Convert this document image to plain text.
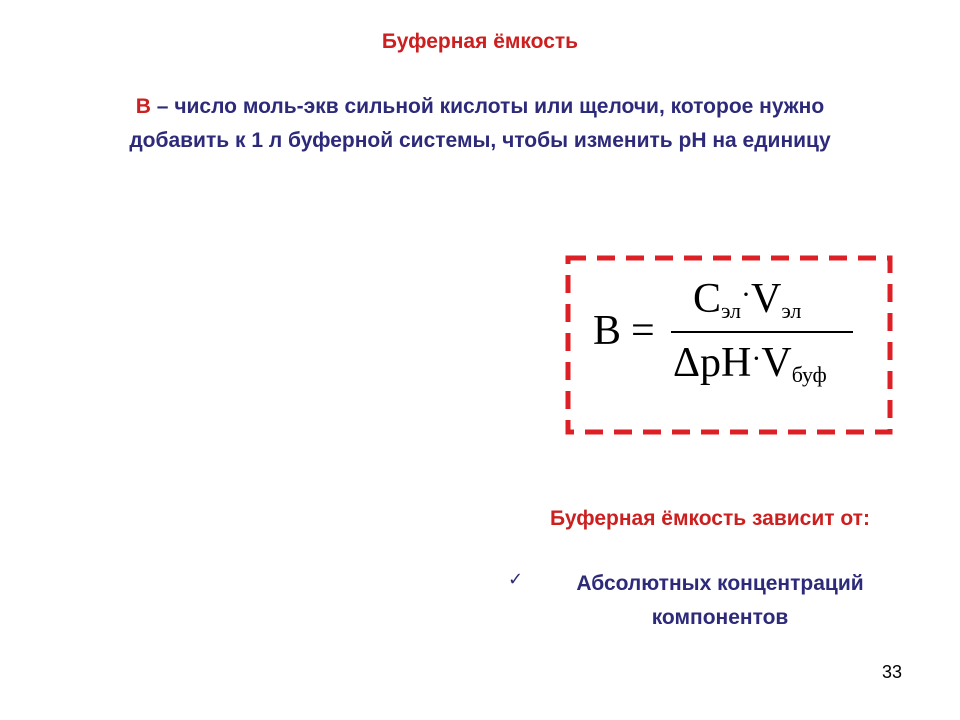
Буферная ёмкость
B – число моль-экв сильной кислоты или щелочи, которое нужно
добавить к 1 л буферной системы, чтобы изменить pH на единицу
B =
Cэл·Vэл
ΔpH·Vбуф
Буферная ёмкость зависит от:
✓	Абсолютных концентраций
компонентов
33
